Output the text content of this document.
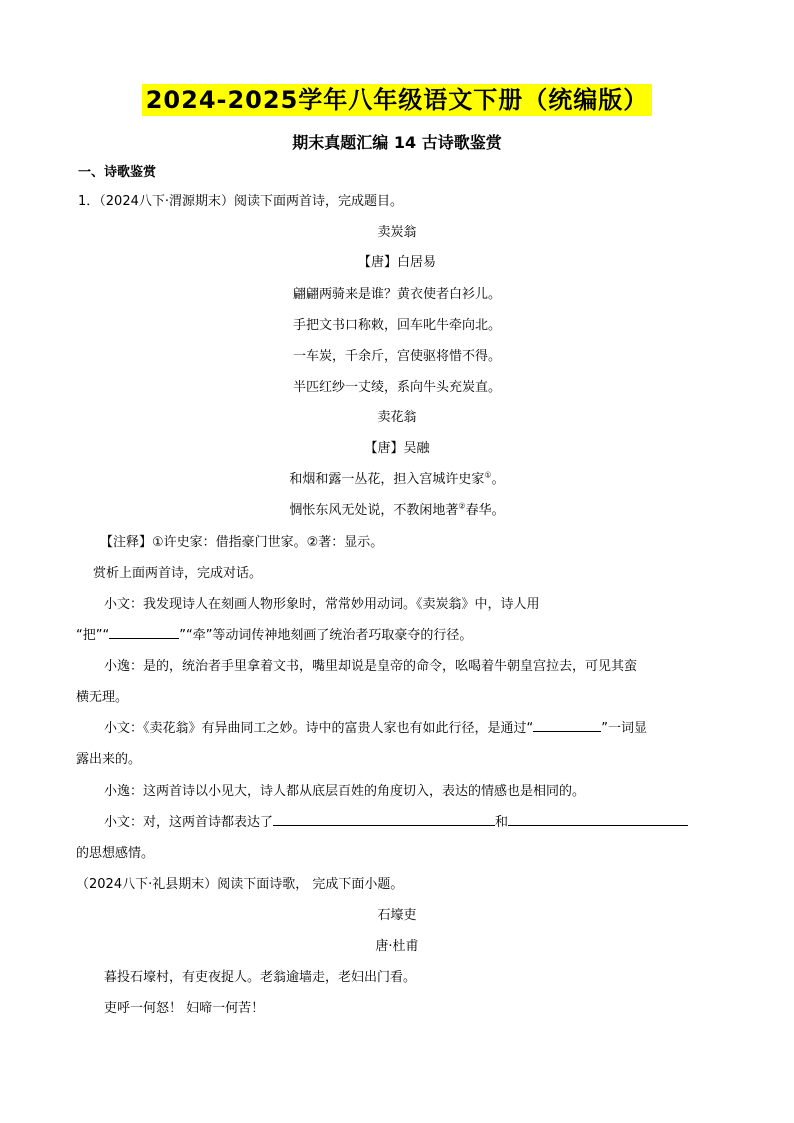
2024-2025学年八年级语文下册（统编版）
期末真题汇编 14 古诗歌鉴赏
一、诗歌鉴赏
1．（2024八下·渭源期末）阅读下面两首诗，完成题目。
卖炭翁
【唐】白居易
翩翩两骑来是谁？黄衣使者白衫儿。
手把文书口称敕，回车叱牛牵向北。
一车炭，千余斤，宫使驱将惜不得。
半匹红纱一丈绫，系向牛头充炭直。
卖花翁
【唐】吴融
和烟和露一丛花，担入宫城许史家①。
惆怅东风无处说，不教闲地著②春华。
【注释】①许史家：借指豪门世家。②著：显示。
赏析上面两首诗，完成对话。
小文：我发现诗人在刻画人物形象时，常常妙用动词。《卖炭翁》中，诗人用
“把”“	”“牵”等动词传神地刻画了统治者巧取豪夺的行径。
小逸：是的，统治者手里拿着文书，嘴里却说是皇帝的命令，吆喝着牛朝皇宫拉去，可见其蛮
横无理。
小文：《卖花翁》有异曲同工之妙。诗中的富贵人家也有如此行径，是通过“	”一词显
露出来的。
小逸：这两首诗以小见大，诗人都从底层百姓的角度切入，表达的情感也是相同的。
小文：对，这两首诗都表达了	和
的思想感情。
（2024八下·礼县期末）阅读下面诗歌， 完成下面小题。
石壕吏
唐·杜甫
暮投石壕村，有吏夜捉人。老翁逾墙走，老妇出门看。
吏呼一何怒！ 妇啼一何苦！
